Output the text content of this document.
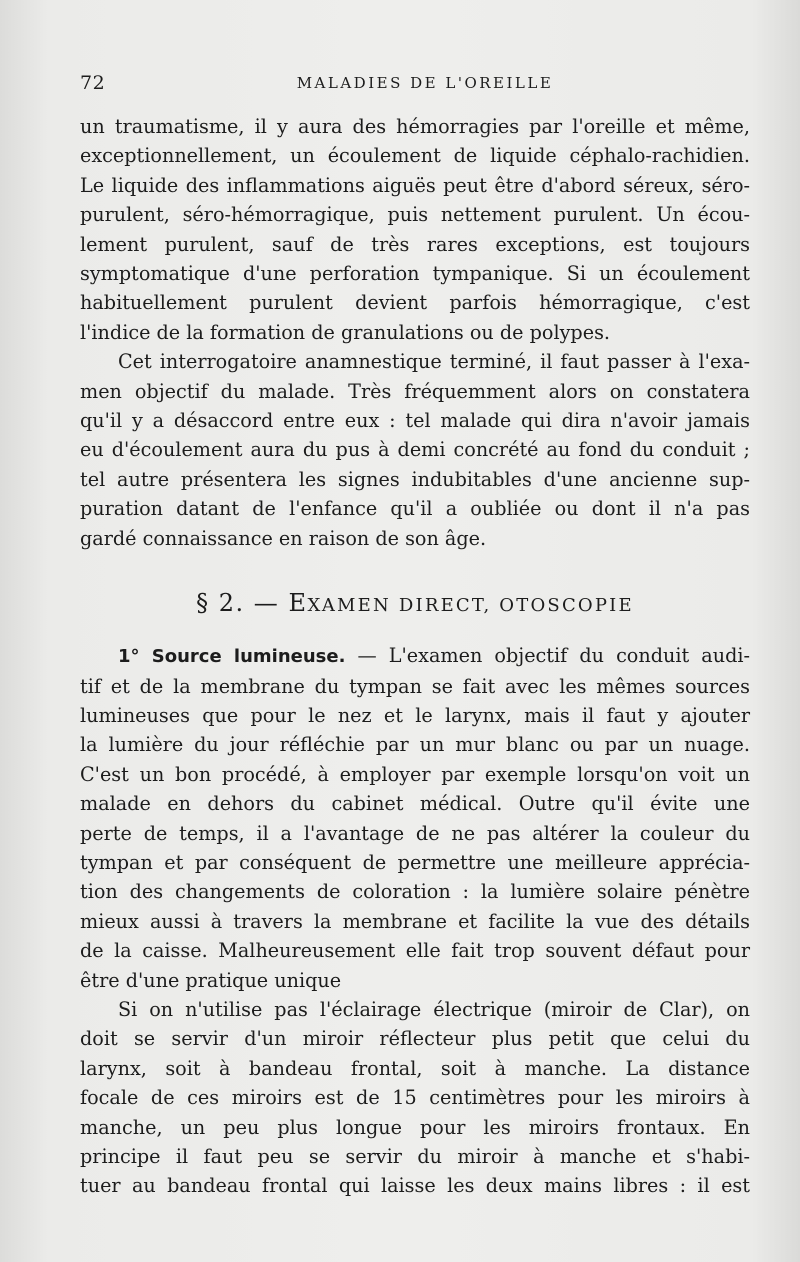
72	MALADIES DE L'OREILLE
un traumatisme, il y aura des hémorragies par l'oreille et même,
exceptionnellement, un écoulement de liquide céphalo-rachidien.
Le liquide des inflammations aiguës peut être d'abord séreux, séro-
purulent, séro-hémorragique, puis nettement purulent. Un écou-
lement purulent, sauf de très rares exceptions, est toujours
symptomatique d'une perforation tympanique. Si un écoulement
habituellement purulent devient parfois hémorragique, c'est
l'indice de la formation de granulations ou de polypes.
Cet interrogatoire anamnestique terminé, il faut passer à l'exa-
men objectif du malade. Très fréquemment alors on constatera
qu'il y a désaccord entre eux : tel malade qui dira n'avoir jamais
eu d'écoulement aura du pus à demi concrété au fond du conduit ;
tel autre présentera les signes indubitables d'une ancienne sup-
puration datant de l'enfance qu'il a oubliée ou dont il n'a pas
gardé connaissance en raison de son âge.
§ 2. — EXAMEN DIRECT, OTOSCOPIE
1° Source lumineuse. — L'examen objectif du conduit audi-
tif et de la membrane du tympan se fait avec les mêmes sources
lumineuses que pour le nez et le larynx, mais il faut y ajouter
la lumière du jour réfléchie par un mur blanc ou par un nuage.
C'est un bon procédé, à employer par exemple lorsqu'on voit un
malade en dehors du cabinet médical. Outre qu'il évite une
perte de temps, il a l'avantage de ne pas altérer la couleur du
tympan et par conséquent de permettre une meilleure apprécia-
tion des changements de coloration : la lumière solaire pénètre
mieux aussi à travers la membrane et facilite la vue des détails
de la caisse. Malheureusement elle fait trop souvent défaut pour
être d'une pratique unique
Si on n'utilise pas l'éclairage électrique (miroir de Clar), on
doit se servir d'un miroir réflecteur plus petit que celui du
larynx, soit à bandeau frontal, soit à manche. La distance
focale de ces miroirs est de 15 centimètres pour les miroirs à
manche, un peu plus longue pour les miroirs frontaux. En
principe il faut peu se servir du miroir à manche et s'habi-
tuer au bandeau frontal qui laisse les deux mains libres : il est
